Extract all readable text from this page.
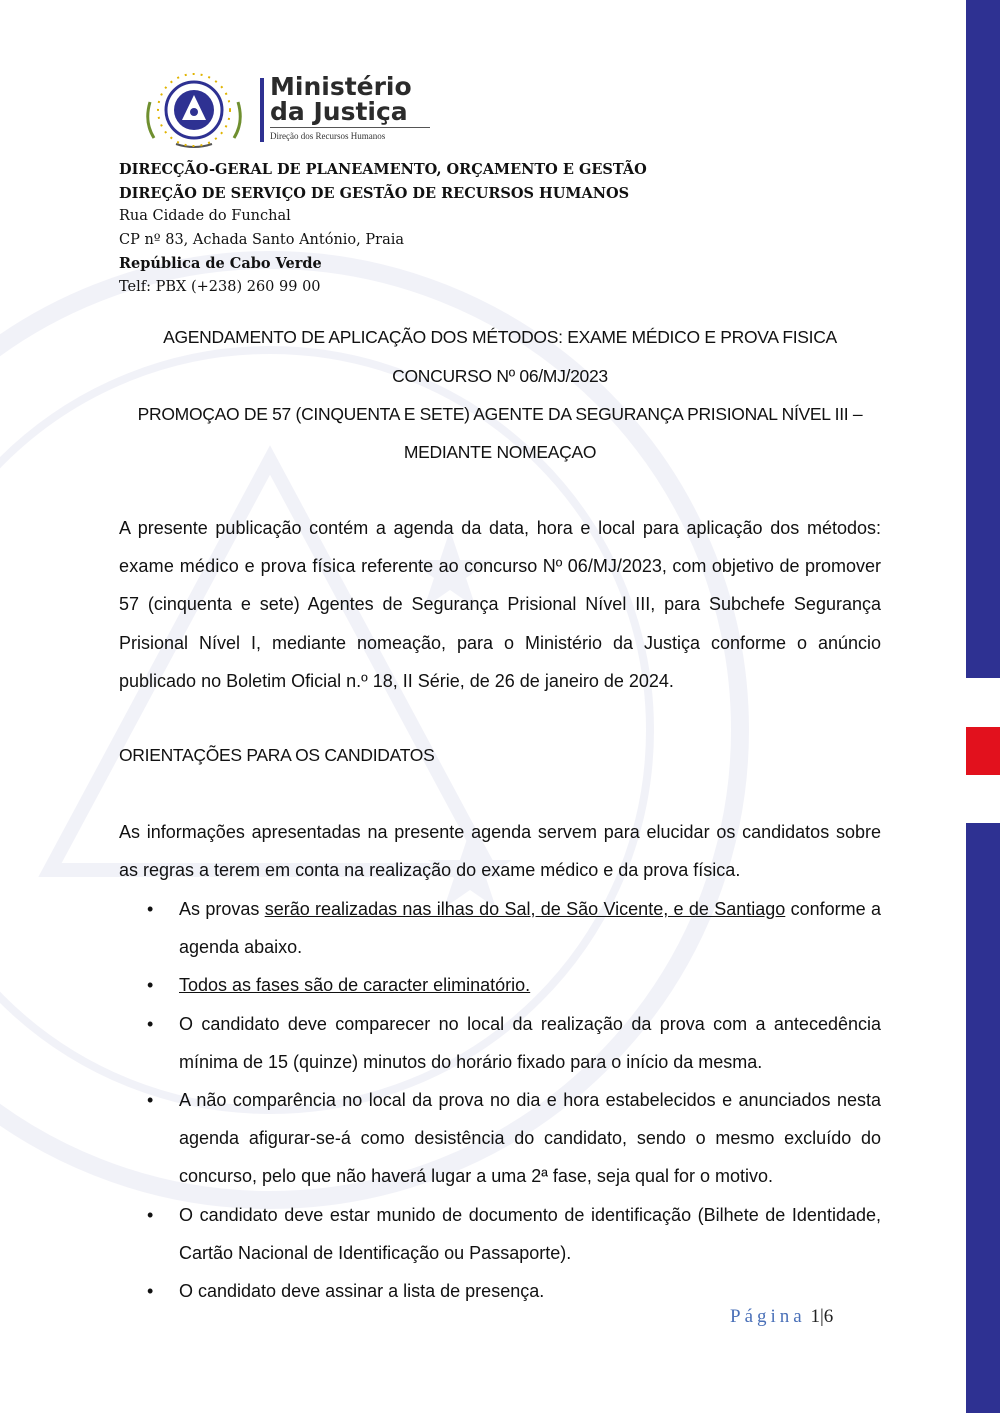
Ministério
da Justiça
Direção dos Recursos Humanos
DIRECÇÃO-GERAL DE PLANEAMENTO, ORÇAMENTO E GESTÃO
DIREÇÃO DE SERVIÇO DE GESTÃO DE RECURSOS HUMANOS
Rua Cidade do Funchal
CP nº 83, Achada Santo António, Praia
República de Cabo Verde
Telf: PBX (+238) 260 99 00
AGENDAMENTO DE APLICAÇÃO DOS MÉTODOS: EXAME MÉDICO E PROVA FISICA
CONCURSO Nº 06/MJ/2023
PROMOÇAO DE 57 (CINQUENTA E SETE) AGENTE DA SEGURANÇA PRISIONAL NÍVEL III –
MEDIANTE NOMEAÇAO
A presente publicação contém a agenda da data, hora e local para aplicação dos métodos: exame médico e prova física referente ao concurso Nº 06/MJ/2023, com objetivo de promover 57 (cinquenta e sete) Agentes de Segurança Prisional Nível III, para Subchefe Segurança Prisional Nível I, mediante nomeação, para o Ministério da Justiça conforme o anúncio publicado no Boletim Oficial n.º 18, II Série, de 26 de janeiro de 2024.
ORIENTAÇÕES PARA OS CANDIDATOS
As informações apresentadas na presente agenda servem para elucidar os candidatos sobre as regras a terem em conta na realização do exame médico e da prova física.
• As provas serão realizadas nas ilhas do Sal, de São Vicente, e de Santiago conforme a agenda abaixo.
• Todos as fases são de caracter eliminatório.
• O candidato deve comparecer no local da realização da prova com a antecedência mínima de 15 (quinze) minutos do horário fixado para o início da mesma.
• A não comparência no local da prova no dia e hora estabelecidos e anunciados nesta agenda afigurar-se-á como desistência do candidato, sendo o mesmo excluído do concurso, pelo que não haverá lugar a uma 2ª fase, seja qual for o motivo.
• O candidato deve estar munido de documento de identificação (Bilhete de Identidade, Cartão Nacional de Identificação ou Passaporte).
• O candidato deve assinar a lista de presença.
Página 1|6
